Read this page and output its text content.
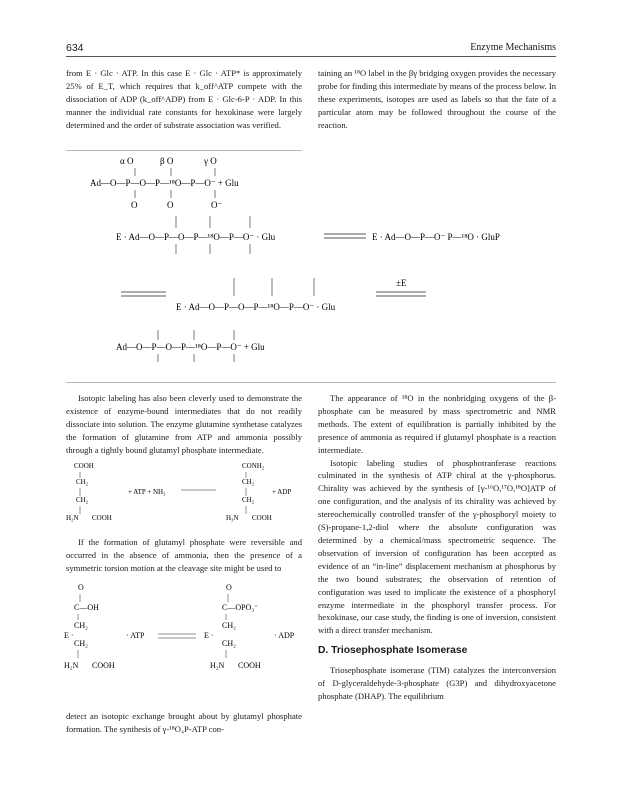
634	Enzyme Mechanisms

from E · Glc · ATP. In this case E · Glc · ATP* is approximately 25% of E_T, which requires that k_off^ATP compete with the dissociation of ADP (k_off^ADP) from E · Glc-6-P · ADP. In this manner the individual rate constants for hexokinase were largely determined and the order of substrate association was verified.

taining an ¹⁸O label in the βγ bridging oxygen provides the necessary probe for finding this intermediate by means of the process below. In these experiments, isotopes are used as labels so that the fate of a particular atom may be followed throughout the course of the reaction.

α O	β O	γ O
Ad—O—P—O—P—¹⁸O—P—O⁻ + Glu
O	O	O⁻
E · Ad—O—P—O—P—¹⁸O—P—O⁻ · Glu	E · Ad—O—P—O⁻ P—¹⁸O · GluP
E · Ad—O—P—O—P—¹⁸O—P—O⁻ · Glu
±E
Ad—O—P—O—P—¹⁸O—P—O⁻ + Glu

Isotopic labeling has also been cleverly used to demonstrate the existence of enzyme-bound intermediates that do not readily dissociate into solution. The enzyme glutamine synthetase catalyzes the formation of glutamine from ATP and ammonia possibly through a tightly bound glutamyl phosphate intermediate.

COOH
CH₂
CH₂
H₂N COOH
+ ATP + NH₃
CONH₂
CH₂
CH₂
H₃N COOH
+ ADP

If the formation of glutamyl phosphate were reversible and occurred in the absence of ammonia, then the presence of a symmetric torsion motion at the cleavage site might be used to

O
C—OH
CH₂
E ·	· ATP
CH₂
H₂N COOH
O
C—OPO₃⁻
CH₂
E ·	· ADP
CH₂
H₂N COOH

detect an isotopic exchange brought about by glutamyl phosphate formation. The synthesis of γ-¹⁸O₄P-ATP con-

The appearance of ¹⁸O in the nonbridging oxygens of the β-phosphate can be measured by mass spectrometric and NMR methods. The extent of equilibration is partially inhibited by the presence of ammonia as required if glutamyl phosphate is a reaction intermediate.

Isotopic labeling studies of phosphotranferase reactions culminated in the synthesis of ATP chiral at the γ-phosphorus. Chirality was achieved by the synthesis of [γ-¹⁶O,¹⁷O,¹⁸O]ATP of one configuration, and the analysis of its chirality was achieved by stereochemically controlled transfer of the γ-phosphoryl moiety to (S)-propane-1,2-diol where the absolute configuration was determined by a chemical/mass spectrometric sequence. The observation of inversion of configuration has been accepted as evidence of an “in-line” displacement mechanism at phosphorus by the two bound substrates; the observation of retention of configuration was used to implicate the existence of a phosphoryl enzyme intermediate in the phosphoryl transfer process. For hexokinase, our case study, the finding is one of inversion, consistent with a direct transfer mechanism.

D. Triosephosphate Isomerase

Triosephosphate isomerase (TIM) catalyzes the interconversion of D-glyceraldehyde-3-phosphate (G3P) and dihydroxyacetone phosphate (DHAP). The equilibrium
